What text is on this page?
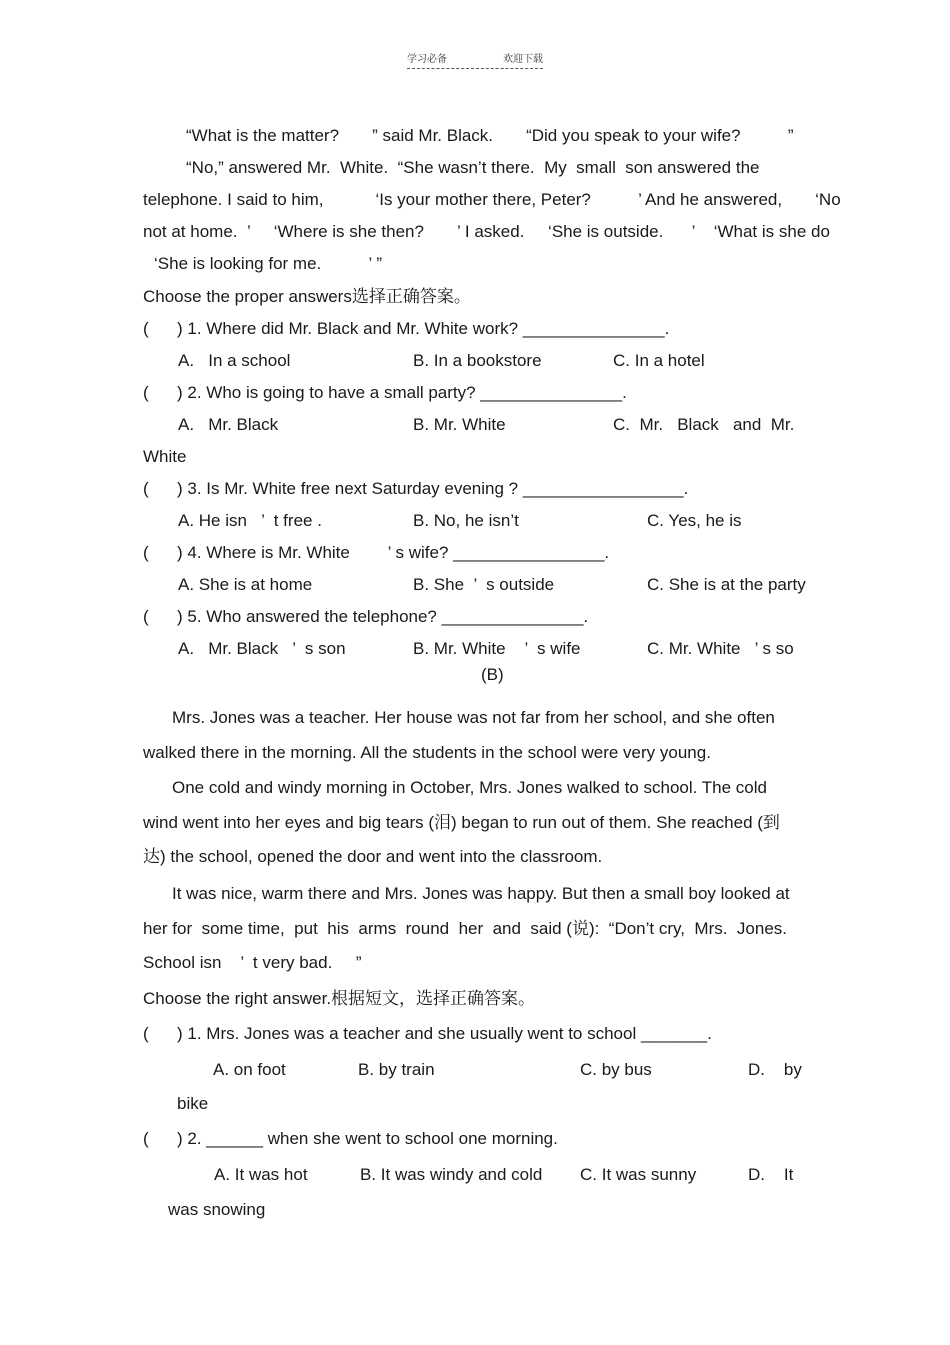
学习必备	欢迎下载
“What is the matter?       ” said Mr. Black.       “Did you speak to your wife?          ”
“No,” answered Mr.  White.  “She wasn’t there.  My  small  son answered the
telephone. I said to him,           ‘Is your mother there, Peter?          ’ And he answered,       ‘No
not at home.  ’     ‘Where is she then?       ’ I asked.     ‘She is outside.      ’    ‘What is she do
‘She is looking for me.          ’ ”
Choose the proper answers选择正确答案。
(      ) 1. Where did Mr. Black and Mr. White work? _______________.
A.   In a school	B. In a bookstore	C. In a hotel
(      ) 2. Who is going to have a small party? _______________.
A.   Mr. Black	B. Mr. White	C.  Mr.   Black   and  Mr.
White
(      ) 3. Is Mr. White free next Saturday evening ? _________________.
A. He isn   ’  t free .	B. No, he isn’t	C. Yes, he is
(      ) 4. Where is Mr. White        ’ s wife? ________________.
A. She is at home	B. She  ’  s outside	C. She is at the party
(      ) 5. Who answered the telephone? _______________.
A.   Mr. Black   ’  s son	B. Mr. White    ’  s wife	C. Mr. White   ’ s so
(B)
Mrs. Jones was a teacher. Her house was not far from her school, and she often
walked there in the morning. All the students in the school were very young.
One cold and windy morning in October, Mrs. Jones walked to school. The cold
wind went into her eyes and big tears (泪) began to run out of them. She reached (到
达) the school, opened the door and went into the classroom.
It was nice, warm there and Mrs. Jones was happy. But then a small boy looked at
her for  some time,  put  his  arms  round  her  and  said (说):  “Don’t cry,  Mrs.  Jones.
School isn    ’  t very bad.     ”
Choose the right answer.根据短文，选择正确答案。
(      ) 1. Mrs. Jones was a teacher and she usually went to school _______.
A. on foot	B. by train	C. by bus	D.    by
bike
(      ) 2. ______ when she went to school one morning.
A. It was hot	B. It was windy and cold C. It was sunny	D.    It
was snowing
